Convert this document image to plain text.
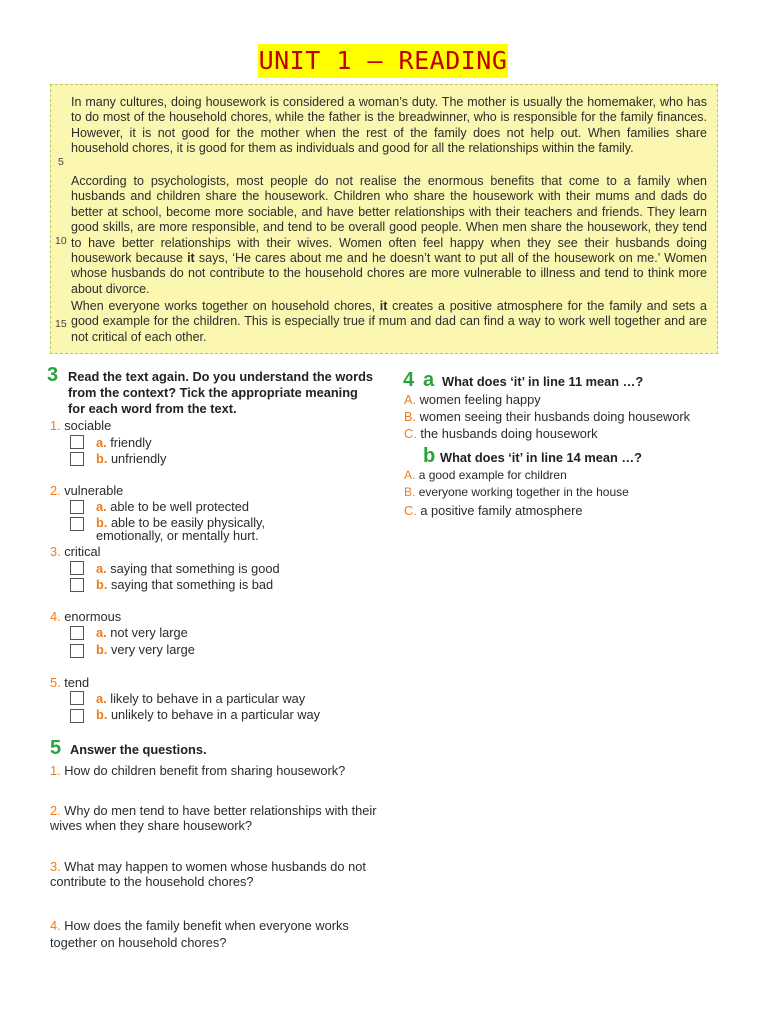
UNIT 1 – READING

In many cultures, doing housework is considered a woman’s duty. The mother is usually the homemaker, who has to do most of the household chores, while the father is the breadwinner, who is responsible for the family finances. However, it is not good for the mother when the rest of the family does not help out. When families share household chores, it is good for them as individuals and good for all the relationships within the family.

According to psychologists, most people do not realise the enormous benefits that come to a family when husbands and children share the housework. Children who share the housework with their mums and dads do better at school, become more sociable, and have better relationships with their teachers and friends. They learn good skills, are more responsible, and tend to be overall good people. When men share the housework, they tend to have better relationships with their wives. Women often feel happy when they see their husbands doing housework because it says, ‘He cares about me and he doesn’t want to put all of the housework on me.’ Women whose husbands do not contribute to the household chores are more vulnerable to illness and tend to think more about divorce.

When everyone works together on household chores, it creates a positive atmosphere for the family and sets a good example for the children. This is especially true if mum and dad can find a way to work well together and are not critical of each other.

5
10
15
3 Read the text again. Do you understand the words from the context? Tick the appropriate meaning for each word from the text.
1. sociable
a. friendly
b. unfriendly
2. vulnerable
a. able to be well protected
b. able to be easily physically, emotionally, or mentally hurt.
3. critical
a. saying that something is good
b. saying that something is bad
4. enormous
a. not very large
b. very very large
5. tend
a. likely to behave in a particular way
b. unlikely to behave in a particular way
4 a What does ‘it’ in line 11 mean …?
A. women feeling happy
B. women seeing their husbands doing housework
C. the husbands doing housework
b What does ‘it’ in line 14 mean …?
A. a good example for children
B. everyone working together in the house
C. a positive family atmosphere
5 Answer the questions.
1. How do children benefit from sharing housework?
2. Why do men tend to have better relationships with their wives when they share housework?
3. What may happen to women whose husbands do not contribute to the household chores?
4. How does the family benefit when everyone works together on household chores?
